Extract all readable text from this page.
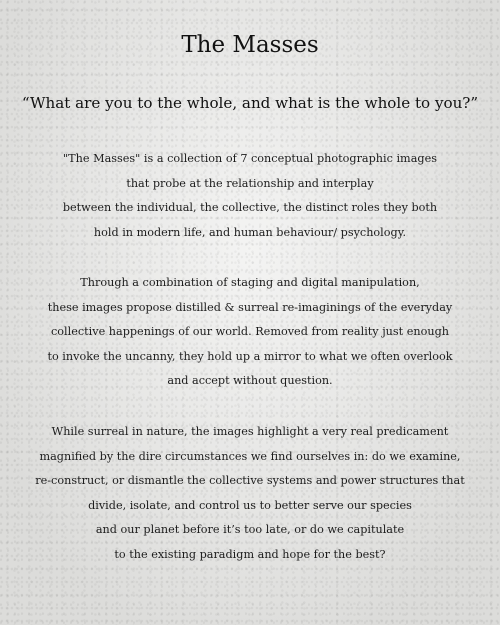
The Masses

“What are you to the whole, and what is the whole to you?”

"The Masses" is a collection of 7 conceptual photographic images
that probe at the relationship and interplay
between the individual, the collective, the distinct roles they both
hold in modern life, and human behaviour/ psychology.
Through a combination of staging and digital manipulation,
these images propose distilled & surreal re-imaginings of the everyday
collective happenings of our world. Removed from reality just enough
to invoke the uncanny, they hold up a mirror to what we often overlook
and accept without question.
While surreal in nature, the images highlight a very real predicament
magnified by the dire circumstances we find ourselves in: do we examine,
re-construct, or dismantle the collective systems and power structures that
divide, isolate, and control us to better serve our species
and our planet before it’s too late, or do we capitulate
to the existing paradigm and hope for the best?
